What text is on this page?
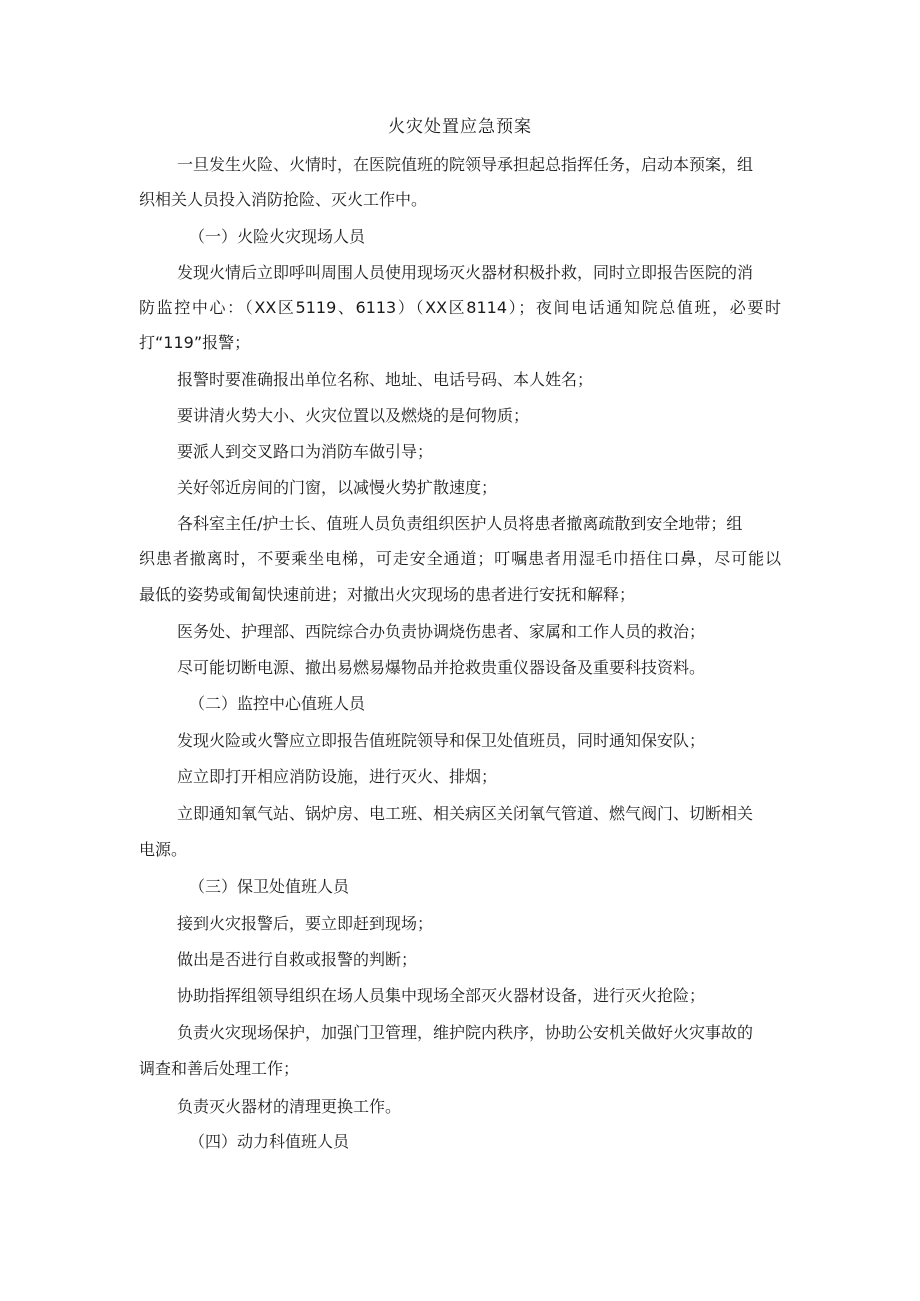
火灾处置应急预案

一旦发生火险、火情时，在医院值班的院领导承担起总指挥任务，启动本预案，组

织相关人员投入消防抢险、灭火工作中。

（一）火险火灾现场人员

发现火情后立即呼叫周围人员使用现场灭火器材积极扑救，同时立即报告医院的消

防监控中心：（XX区5119、6113）（XX区8114）；夜间电话通知院总值班，必要时

打“119”报警；

报警时要准确报出单位名称、地址、电话号码、本人姓名；

要讲清火势大小、火灾位置以及燃烧的是何物质；

要派人到交叉路口为消防车做引导；

关好邻近房间的门窗，以减慢火势扩散速度；

各科室主任/护士长、值班人员负责组织医护人员将患者撤离疏散到安全地带；组

织患者撤离时，不要乘坐电梯，可走安全通道；叮嘱患者用湿毛巾捂住口鼻，尽可能以

最低的姿势或匍匐快速前进；对撤出火灾现场的患者进行安抚和解释；

医务处、护理部、西院综合办负责协调烧伤患者、家属和工作人员的救治；

尽可能切断电源、撤出易燃易爆物品并抢救贵重仪器设备及重要科技资料。

（二）监控中心值班人员

发现火险或火警应立即报告值班院领导和保卫处值班员，同时通知保安队；

应立即打开相应消防设施，进行灭火、排烟；

立即通知氧气站、锅炉房、电工班、相关病区关闭氧气管道、燃气阀门、切断相关

电源。

（三）保卫处值班人员

接到火灾报警后，要立即赶到现场；

做出是否进行自救或报警的判断；

协助指挥组领导组织在场人员集中现场全部灭火器材设备，进行灭火抢险；

负责火灾现场保护，加强门卫管理，维护院内秩序，协助公安机关做好火灾事故的

调查和善后处理工作；

负责灭火器材的清理更换工作。

（四）动力科值班人员
